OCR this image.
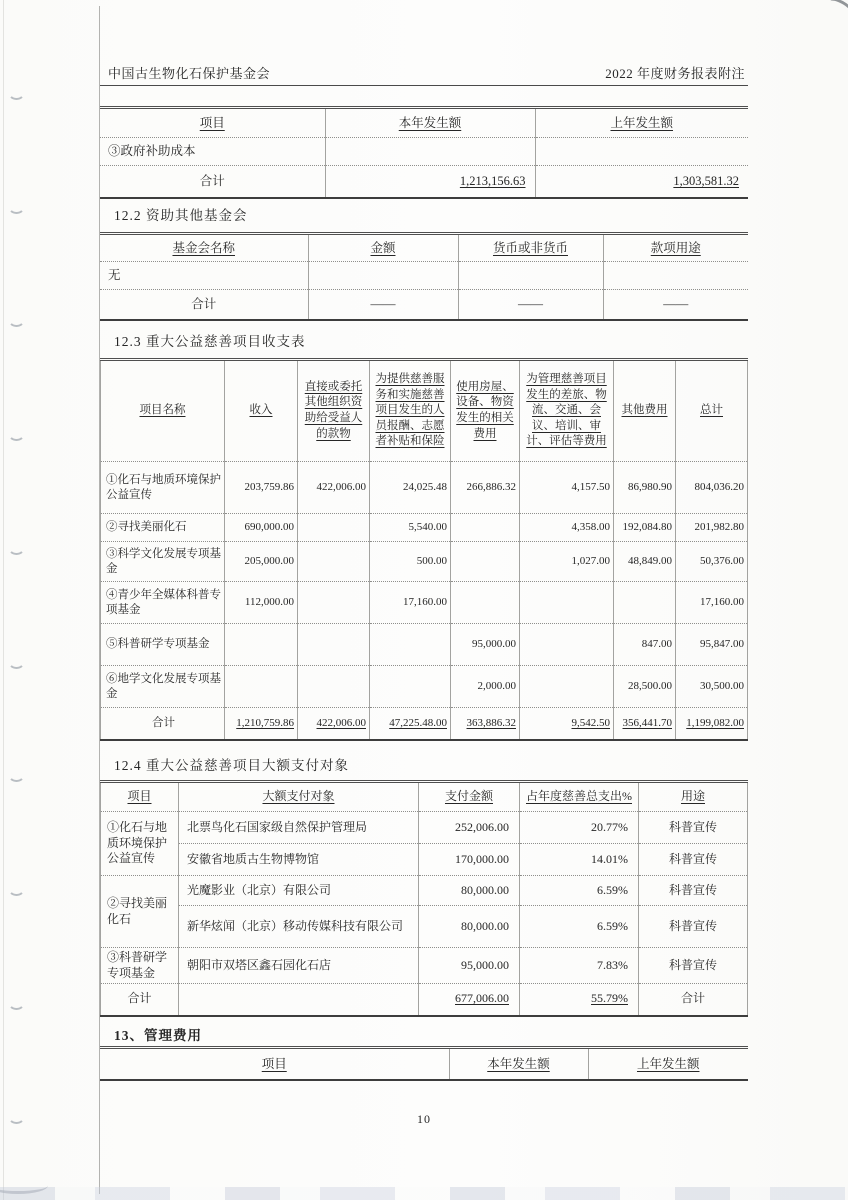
中国古生物化石保护基金会	2022 年度财务报表附注
项目	本年发生额	上年发生额
③政府补助成本		
合计	1,213,156.63	1,303,581.32
12.2 资助其他基金会
基金会名称	金额	货币或非货币	款项用途
无			
合计	——	——	——
12.3 重大公益慈善项目收支表
项目名称	收入	直接或委托其他组织资助给受益人的款物	为提供慈善服务和实施慈善项目发生的人员报酬、志愿者补贴和保险	使用房屋、设备、物资发生的相关费用	为管理慈善项目发生的差旅、物流、交通、会议、培训、审计、评估等费用	其他费用	总计
①化石与地质环境保护公益宣传	203,759.86	422,006.00	24,025.48	266,886.32	4,157.50	86,980.90	804,036.20
②寻找美丽化石	690,000.00		5,540.00		4,358.00	192,084.80	201,982.80
③科学文化发展专项基金	205,000.00		500.00		1,027.00	48,849.00	50,376.00
④青少年全媒体科普专项基金	112,000.00		17,160.00				17,160.00
⑤科普研学专项基金				95,000.00		847.00	95,847.00
⑥地学文化发展专项基金				2,000.00		28,500.00	30,500.00
合计	1,210,759.86	422,006.00	47,225.48.00	363,886.32	9,542.50	356,441.70	1,199,082.00
12.4 重大公益慈善项目大额支付对象
项目	大额支付对象	支付金额	占年度慈善总支出%	用途
①化石与地质环境保护公益宣传	北票鸟化石国家级自然保护管理局	252,006.00	20.77%	科普宣传
	安徽省地质古生物博物馆	170,000.00	14.01%	科普宣传
②寻找美丽化石	光魔影业（北京）有限公司	80,000.00	6.59%	科普宣传
	新华炫闻（北京）移动传媒科技有限公司	80,000.00	6.59%	科普宣传
③科普研学专项基金	朝阳市双塔区鑫石园化石店	95,000.00	7.83%	科普宣传
合计		677,006.00	55.79%	合计
13、管理费用
项目	本年发生额	上年发生额
10
